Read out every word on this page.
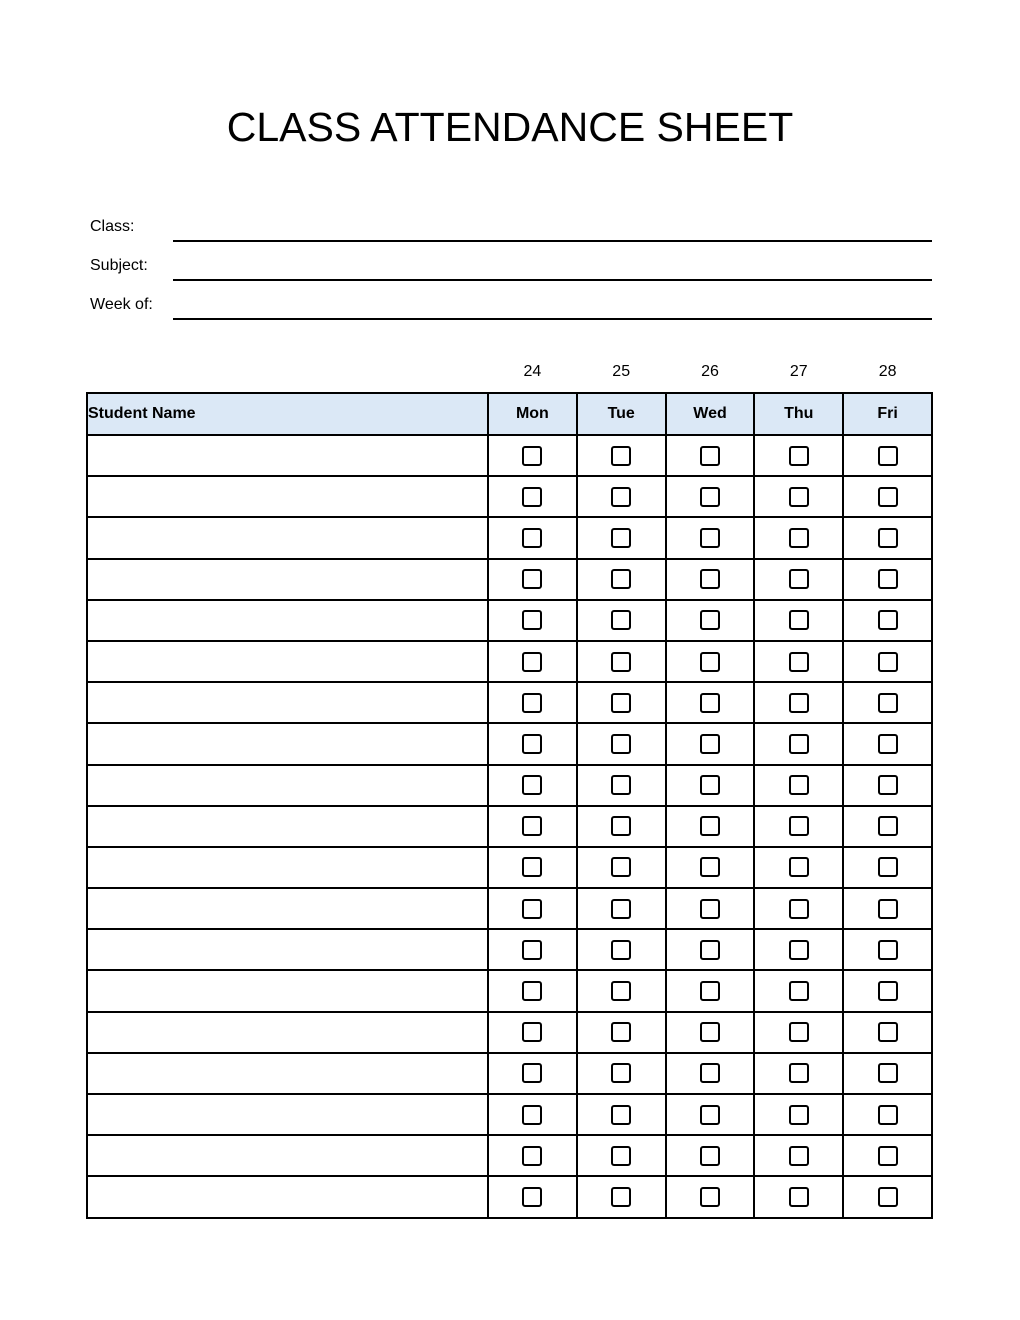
CLASS ATTENDANCE SHEET
Class:
Subject:
Week of:
24	25	26	27	28
Student Name	Mon	Tue	Wed	Thu	Fri
